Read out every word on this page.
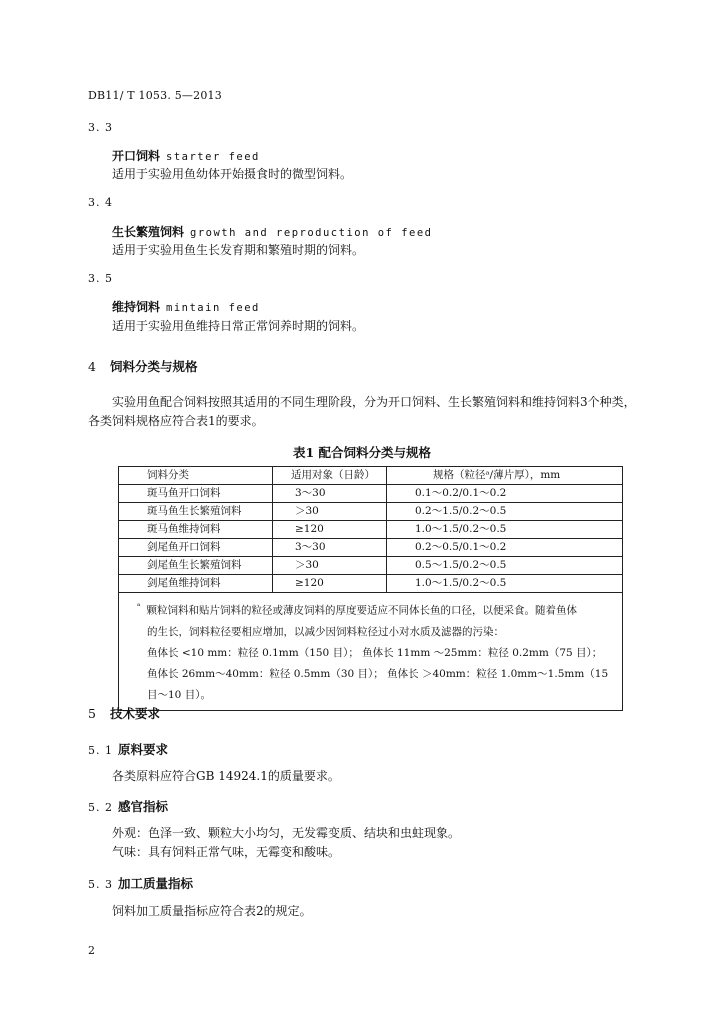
DB11/ T 1053. 5—2013
3. 3
开口饲料 starter feed
适用于实验用鱼幼体开始摄食时的微型饲料。
3. 4
生长繁殖饲料 growth and reproduction of feed
适用于实验用鱼生长发育期和繁殖时期的饲料。
3. 5
维持饲料 mintain feed
适用于实验用鱼维持日常正常饲养时期的饲料。
4 饲料分类与规格
实验用鱼配合饲料按照其适用的不同生理阶段，分为开口饲料、生长繁殖饲料和维持饲料3个种类，
各类饲料规格应符合表1的要求。
表1 配合饲料分类与规格
饲料分类	适用对象（日龄）	规格（粒径ᵃ/薄片厚），mm
斑马鱼开口饲料	3～30	0.1～0.2/0.1～0.2
斑马鱼生长繁殖饲料	＞30	0.2～1.5/0.2～0.5
斑马鱼维持饲料	≥120	1.0～1.5/0.2～0.5
剑尾鱼开口饲料	3～30	0.2～0.5/0.1～0.2
剑尾鱼生长繁殖饲料	＞30	0.5～1.5/0.2～0.5
剑尾鱼维持饲料	≥120	1.0～1.5/0.2～0.5

ᵃ 颗粒饲料和贴片饲料的粒径或薄皮饲料的厚度要适应不同体长鱼的口径，以便采食。随着鱼体
的生长，饲料粒径要相应增加，以减少因饲料粒径过小对水质及滤器的污染：
鱼体长 <10 mm：粒径 0.1mm（150 目）； 鱼体长 11mm ～25mm：粒径 0.2mm（75 目）；
鱼体长 26mm～40mm：粒径 0.5mm（30 目）； 鱼体长 ＞40mm：粒径 1.0mm～1.5mm（15 目～10 目）。		
5 技术要求
5. 1 原料要求
各类原料应符合GB 14924.1的质量要求。
5. 2 感官指标
外观：色泽一致、颗粒大小均匀，无发霉变质、结块和虫蛀现象。
气味：具有饲料正常气味，无霉变和酸味。
5. 3 加工质量指标
饲料加工质量指标应符合表2的规定。
2
